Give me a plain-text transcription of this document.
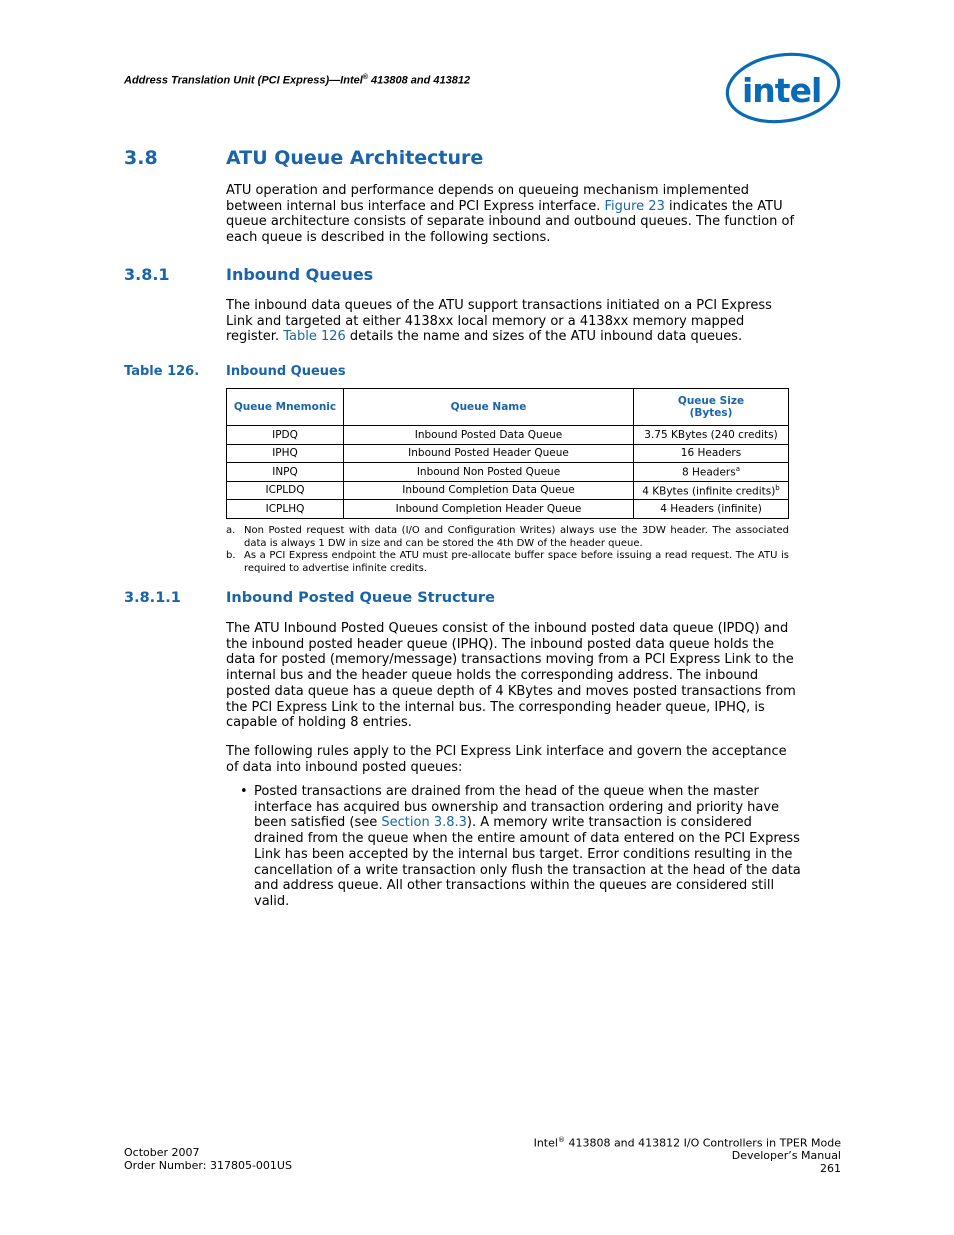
Address Translation Unit (PCI Express)—Intel® 413808 and 413812	intel
3.8	ATU Queue Architecture
ATU operation and performance depends on queueing mechanism implemented
between internal bus interface and PCI Express interface. Figure 23 indicates the ATU
queue architecture consists of separate inbound and outbound queues. The function of
each queue is described in the following sections.
3.8.1	Inbound Queues
The inbound data queues of the ATU support transactions initiated on a PCI Express
Link and targeted at either 4138xx local memory or a 4138xx memory mapped
register. Table 126 details the name and sizes of the ATU inbound data queues.
Table 126. Inbound Queues
Queue Mnemonic	Queue Name	Queue Size
(Bytes)
IPDQ	Inbound Posted Data Queue	3.75 KBytes (240 credits)
IPHQ	Inbound Posted Header Queue	16 Headers
INPQ	Inbound Non Posted Queue	8 Headers$^a$
ICPLDQ	Inbound Completion Data Queue	4 KBytes (infinite credits)$^b$
ICPLHQ	Inbound Completion Header Queue	4 Headers (infinite)
a. Non Posted request with data (I/O and Configuration Writes) always use the 3DW header. The associated data is always 1 DW in size and can be stored the 4th DW of the header queue.
b. As a PCI Express endpoint the ATU must pre-allocate buffer space before issuing a read request. The ATU is required to advertise infinite credits.
3.8.1.1	Inbound Posted Queue Structure
The ATU Inbound Posted Queues consist of the inbound posted data queue (IPDQ) and
the inbound posted header queue (IPHQ). The inbound posted data queue holds the
data for posted (memory/message) transactions moving from a PCI Express Link to the
internal bus and the header queue holds the corresponding address. The inbound
posted data queue has a queue depth of 4 KBytes and moves posted transactions from
the PCI Express Link to the internal bus. The corresponding header queue, IPHQ, is
capable of holding 8 entries.
The following rules apply to the PCI Express Link interface and govern the acceptance
of data into inbound posted queues:
• Posted transactions are drained from the head of the queue when the master
interface has acquired bus ownership and transaction ordering and priority have
been satisfied (see Section 3.8.3). A memory write transaction is considered
drained from the queue when the entire amount of data entered on the PCI Express
Link has been accepted by the internal bus target. Error conditions resulting in the
cancellation of a write transaction only flush the transaction at the head of the data
and address queue. All other transactions within the queues are considered still
valid.
October 2007
Order Number: 317805-001US
Intel® 413808 and 413812 I/O Controllers in TPER Mode
Developer’s Manual
261
